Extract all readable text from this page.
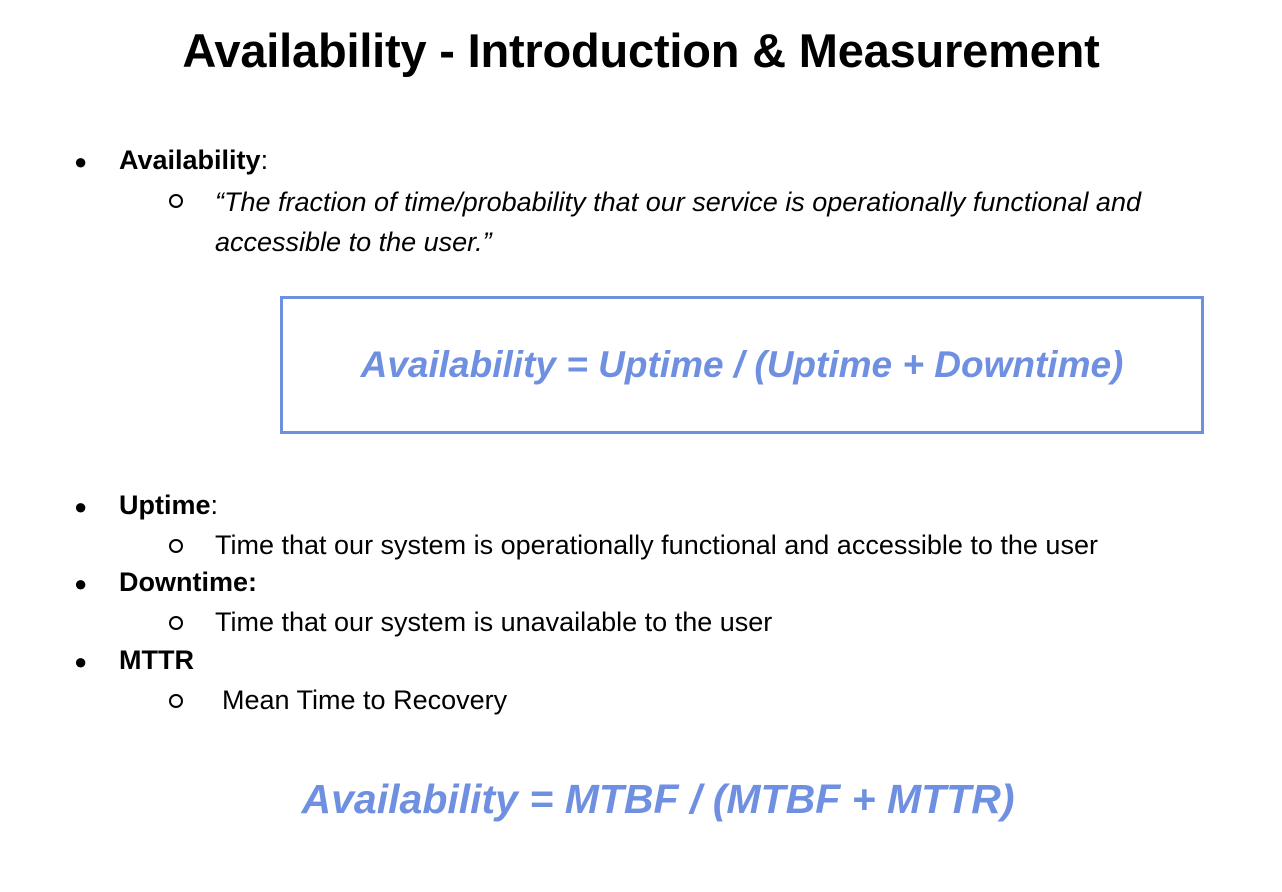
Availability - Introduction & Measurement
● Availability:
“The fraction of time/probability that our service is operationally functional and accessible to the user.”
Availability = Uptime / (Uptime + Downtime)
● Uptime:
Time that our system is operationally functional and accessible to the user
● Downtime:
Time that our system is unavailable to the user
● MTTR
Mean Time to Recovery
Availability = MTBF / (MTBF + MTTR)
